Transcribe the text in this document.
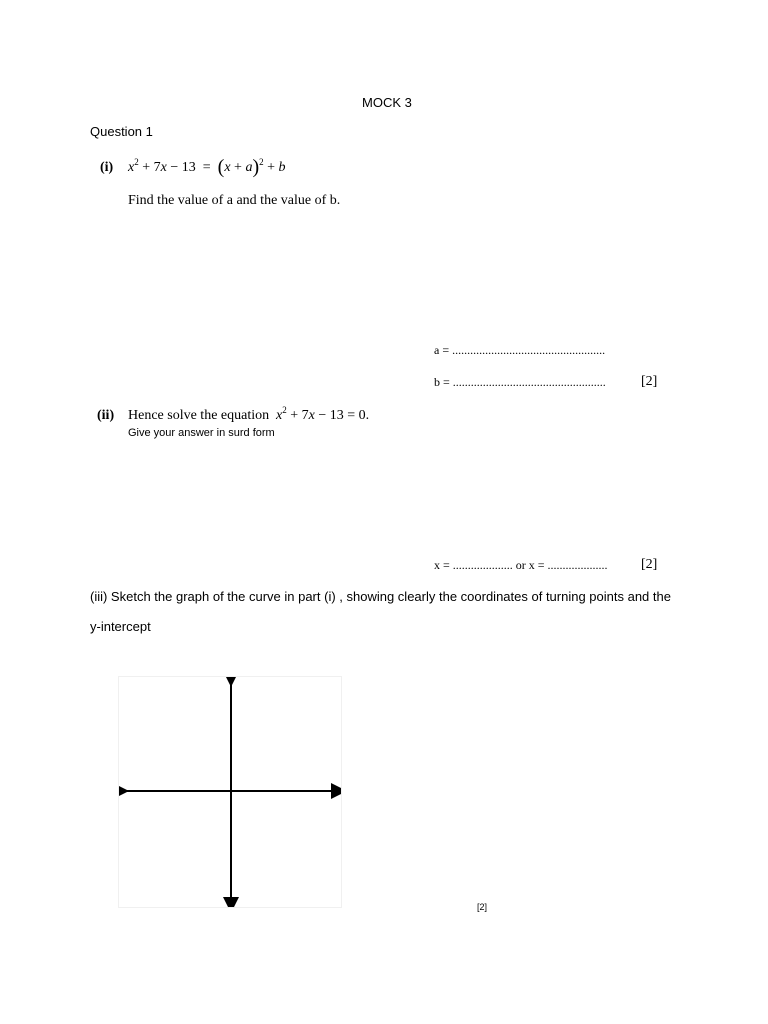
MOCK 3
Question 1
(i) $x^2 + 7x - 13 = (x + a)^2 + b$
Find the value of a and the value of b.
a = ...................................................
b = ...................................................	[2]
(ii) Hence solve the equation $x^2 + 7x - 13 = 0$.
Give your answer in surd form
x = .................... or x = .................... [2]
(iii) Sketch the graph of the curve in part (i) , showing clearly the coordinates of turning points and the
y-intercept
[2]
